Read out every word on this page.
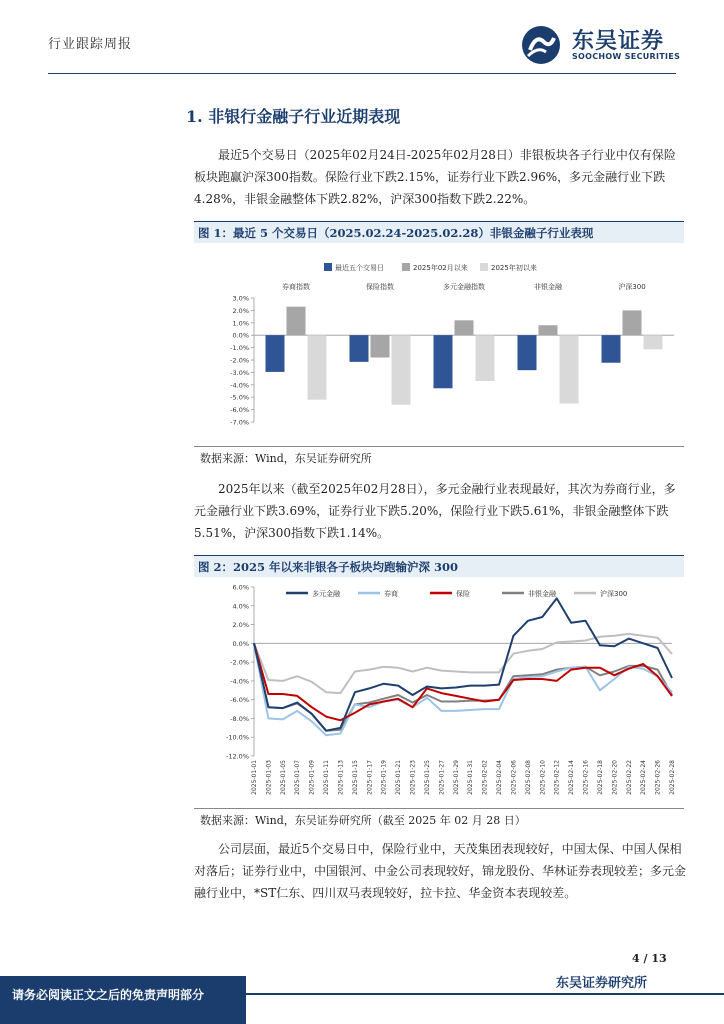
行业跟踪周报	东吴证券
SOOCHOW SECURITIES
1. 非银行金融子行业近期表现
最近5个交易日（2025年02月24日-2025年02月28日）非银板块各子行业中仅有保险板块跑赢沪深300指数。保险行业下跌2.15%，证券行业下跌2.96%，多元金融行业下跌4.28%，非银金融整体下跌2.82%，沪深300指数下跌2.22%。
图 1：最近 5 个交易日（2025.02.24-2025.02.28）非银金融子行业表现
最近五个交易日	2025年02月以来	2025年初以来
3.0%
2.0%
1.0%
0.0%
-1.0%
-2.0%
-3.0%
-4.0%
-5.0%
-6.0%
-7.0%
券商指数	保险指数	多元金融指数	非银金融	沪深300
数据来源：Wind，东吴证券研究所
2025年以来（截至2025年02月28日），多元金融行业表现最好，其次为券商行业，多元金融行业下跌3.69%，证券行业下跌5.20%，保险行业下跌5.61%，非银金融整体下跌5.51%，沪深300指数下跌1.14%。
图 2：2025 年以来非银各子板块均跑输沪深 300
6.0%
4.0%
2.0%
0.0%
-2.0%
-4.0%
-6.0%
-8.0%
-10.0%
-12.0%
2025-01-01 2025-01-03 2025-01-05 2025-01-07 2025-01-09 2025-01-11 2025-01-13 2025-01-15 2025-01-17 2025-01-19 2025-01-21 2025-01-23 2025-01-25 2025-01-27 2025-01-29 2025-01-31 2025-02-02 2025-02-04 2025-02-06 2025-02-08 2025-02-10 2025-02-12 2025-02-14 2025-02-16 2025-02-18 2025-02-20 2025-02-22 2025-02-24 2025-02-26 2025-02-28
多元金融	券商	保险	非银金融	沪深300
数据来源：Wind，东吴证券研究所（截至 2025 年 02 月 28 日）
公司层面，最近5个交易日中，保险行业中，天茂集团表现较好，中国太保、中国人保相对落后；证券行业中，中国银河、中金公司表现较好，锦龙股份、华林证券表现较差；多元金融行业中，*ST仁东、四川双马表现较好，拉卡拉、华金资本表现较差。
4 / 13
东吴证券研究所
请务必阅读正文之后的免责声明部分
